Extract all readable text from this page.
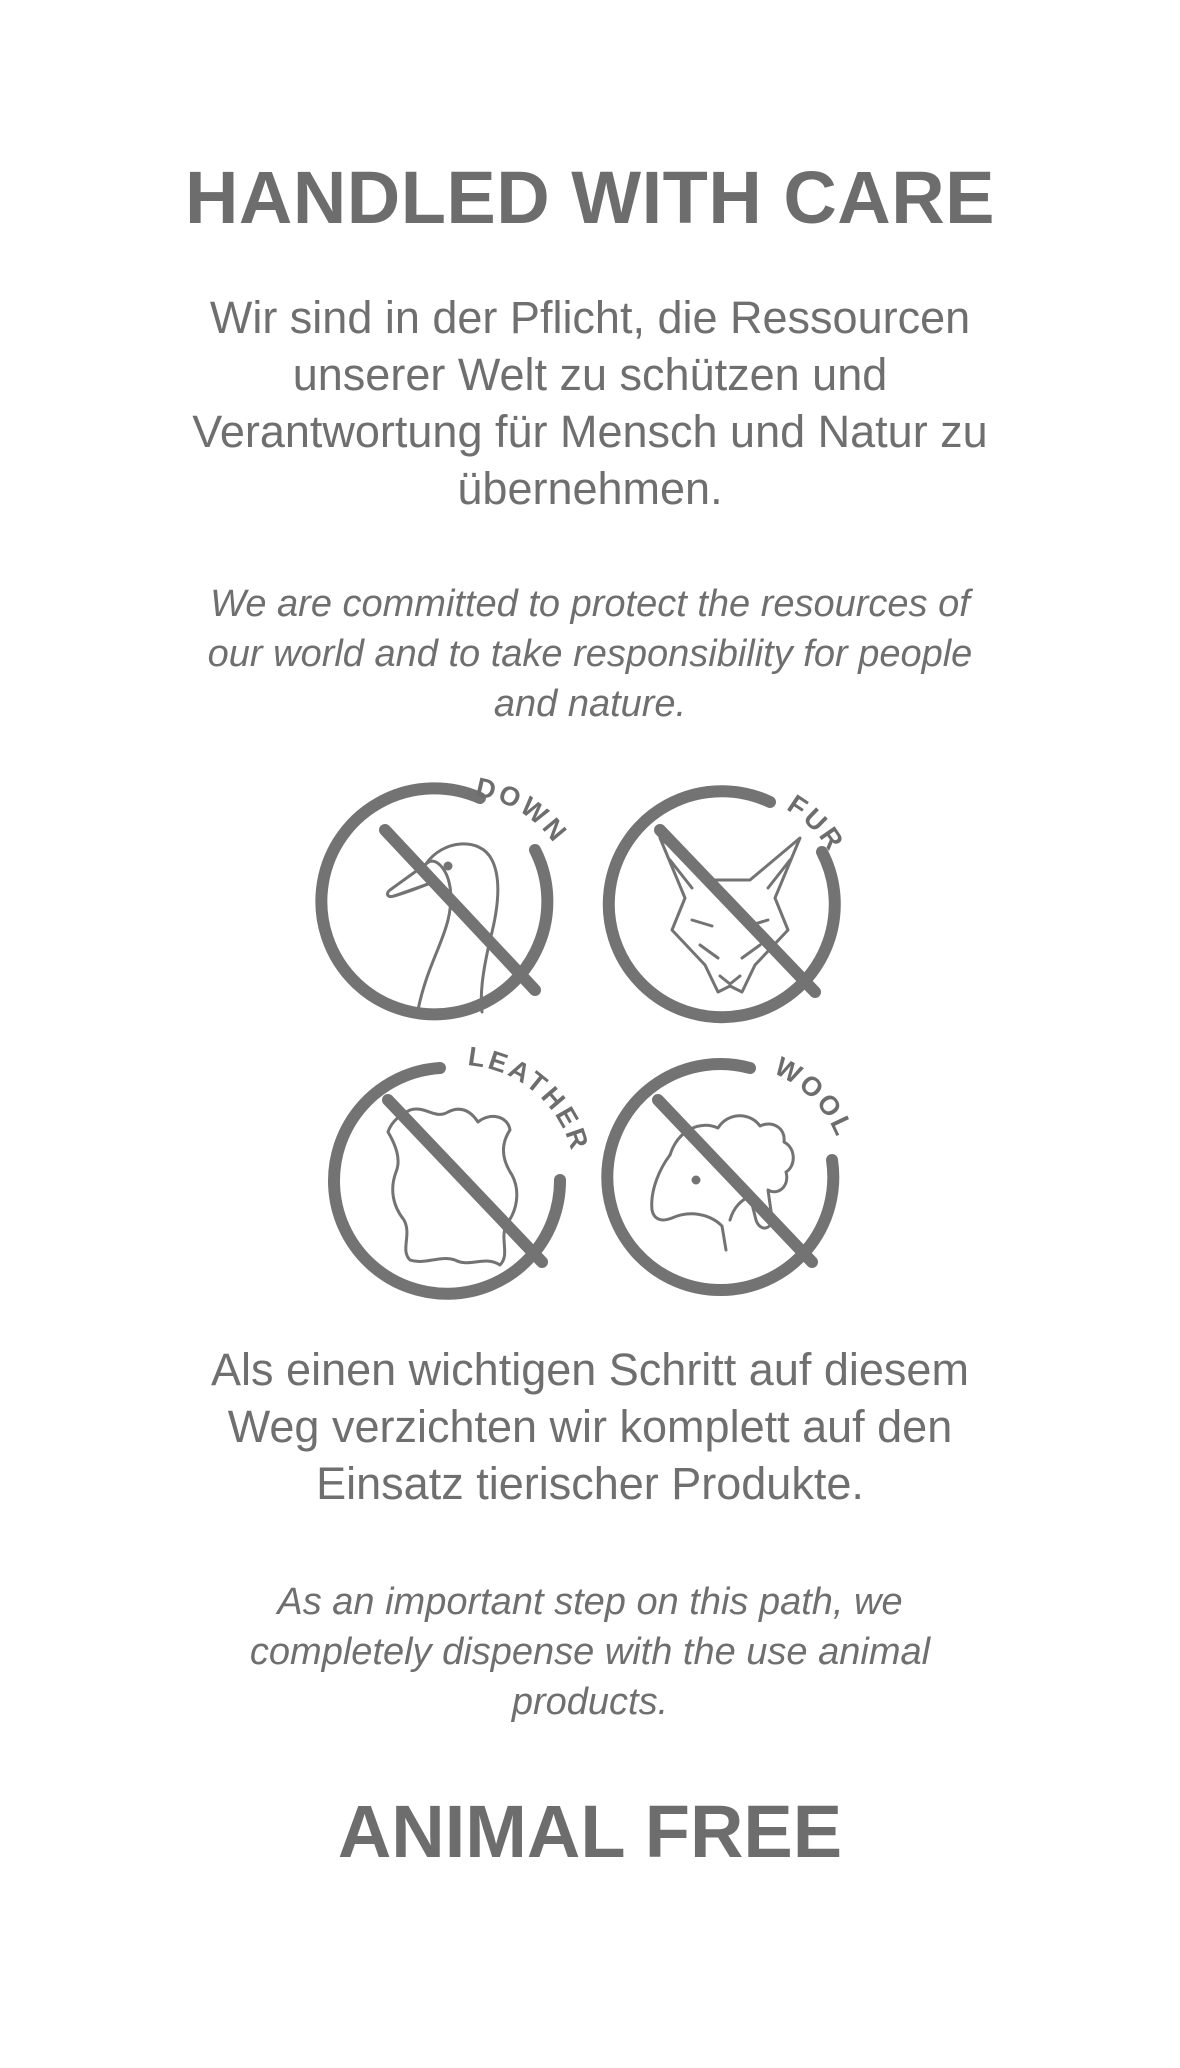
HANDLED WITH CARE

Wir sind in der Pflicht, die Ressourcen unserer Welt zu schützen und Verantwortung für Mensch und Natur zu übernehmen.

We are committed to protect the resources of our world and to take responsibility for people and nature.

DOWN
FUR
LEATHER
WOOL

Als einen wichtigen Schritt auf diesem Weg verzichten wir komplett auf den Einsatz tierischer Produkte.

As an important step on this path, we completely dispense with the use animal products.

ANIMAL FREE
